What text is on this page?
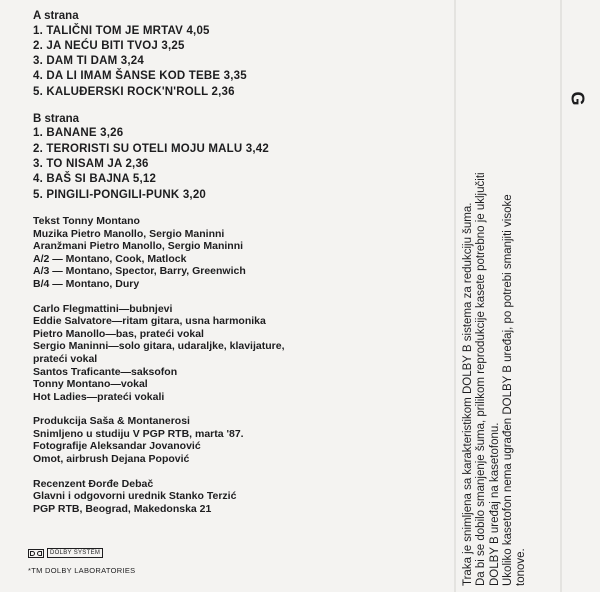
A strana
1. TALIČNI TOM JE MRTAV 4,05
2. JA NEĆU BITI TVOJ 3,25
3. DAM TI DAM 3,24
4. DA LI IMAM ŠANSE KOD TEBE 3,35
5. KALUĐERSKI ROCK'N'ROLL 2,36
B strana
1. BANANE 3,26
2. TERORISTI SU OTELI MOJU MALU 3,42
3. TO NISAM JA 2,36
4. BAŠ SI BAJNA 5,12
5. PINGILI-PONGILI-PUNK 3,20
Tekst Tonny Montano
Muzika Pietro Manollo, Sergio Maninni
Aranžmani Pietro Manollo, Sergio Maninni
A/2 — Montano, Cook, Matlock
A/3 — Montano, Spector, Barry, Greenwich
B/4 — Montano, Dury
Carlo Flegmattini—bubnjevi
Eddie Salvatore—ritam gitara, usna harmonika
Pietro Manollo—bas, prateći vokal
Sergio Maninni—solo gitara, udaraljke, klavijature,
prateći vokal
Santos Traficante—saksofon
Tonny Montano—vokal
Hot Ladies—prateći vokali
Produkcija Saša & Montanerosi
Snimljeno u studiju V PGP RTB, marta '87.
Fotografije Aleksandar Jovanović
Omot, airbrush Dejana Popović
Recenzent Đorđe Debač
Glavni i odgovorni urednik Stanko Terzić
PGP RTB, Beograd, Makedonska 21
DOLBY SYSTEM
*TM DOLBY LABORATORIES	Traka je snimljena sa karakteristikom DOLBY B sistema za redukciju šuma. Da bi se dobilo smanjenje šuma, prilikom reprodukcije kasete potrebno je uključiti DOLBY B uređaj na kasetofonu. Ukoliko kasetofon nema ugrađen DOLBY B uređaj, po potrebi smanjiti visoke tonove.
G
